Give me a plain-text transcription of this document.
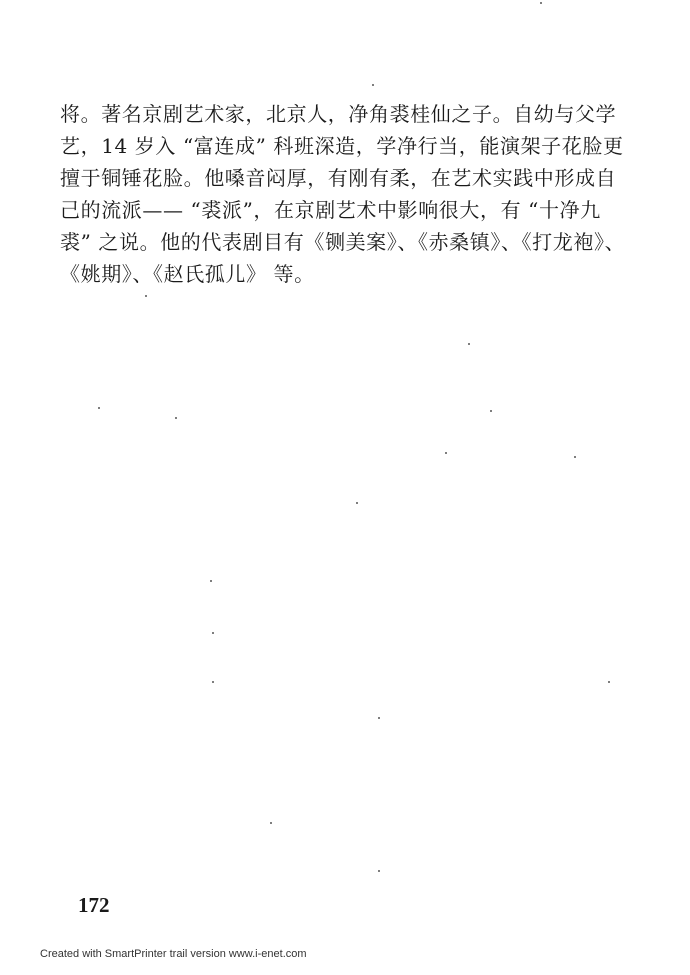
将。著名京剧艺术家，北京人，净角裘桂仙之子。自幼与父学
艺，14 岁入 “富连成” 科班深造，学净行当，能演架子花脸更
擅于铜锤花脸。他嗓音闷厚，有刚有柔，在艺术实践中形成自
己的流派—— “裘派”，在京剧艺术中影响很大，有 “十净九
裘” 之说。他的代表剧目有《铡美案》、《赤桑镇》、《打龙袍》、
《姚期》、《赵氏孤儿》 等。
172
Created with SmartPrinter trail version www.i-enet.com
